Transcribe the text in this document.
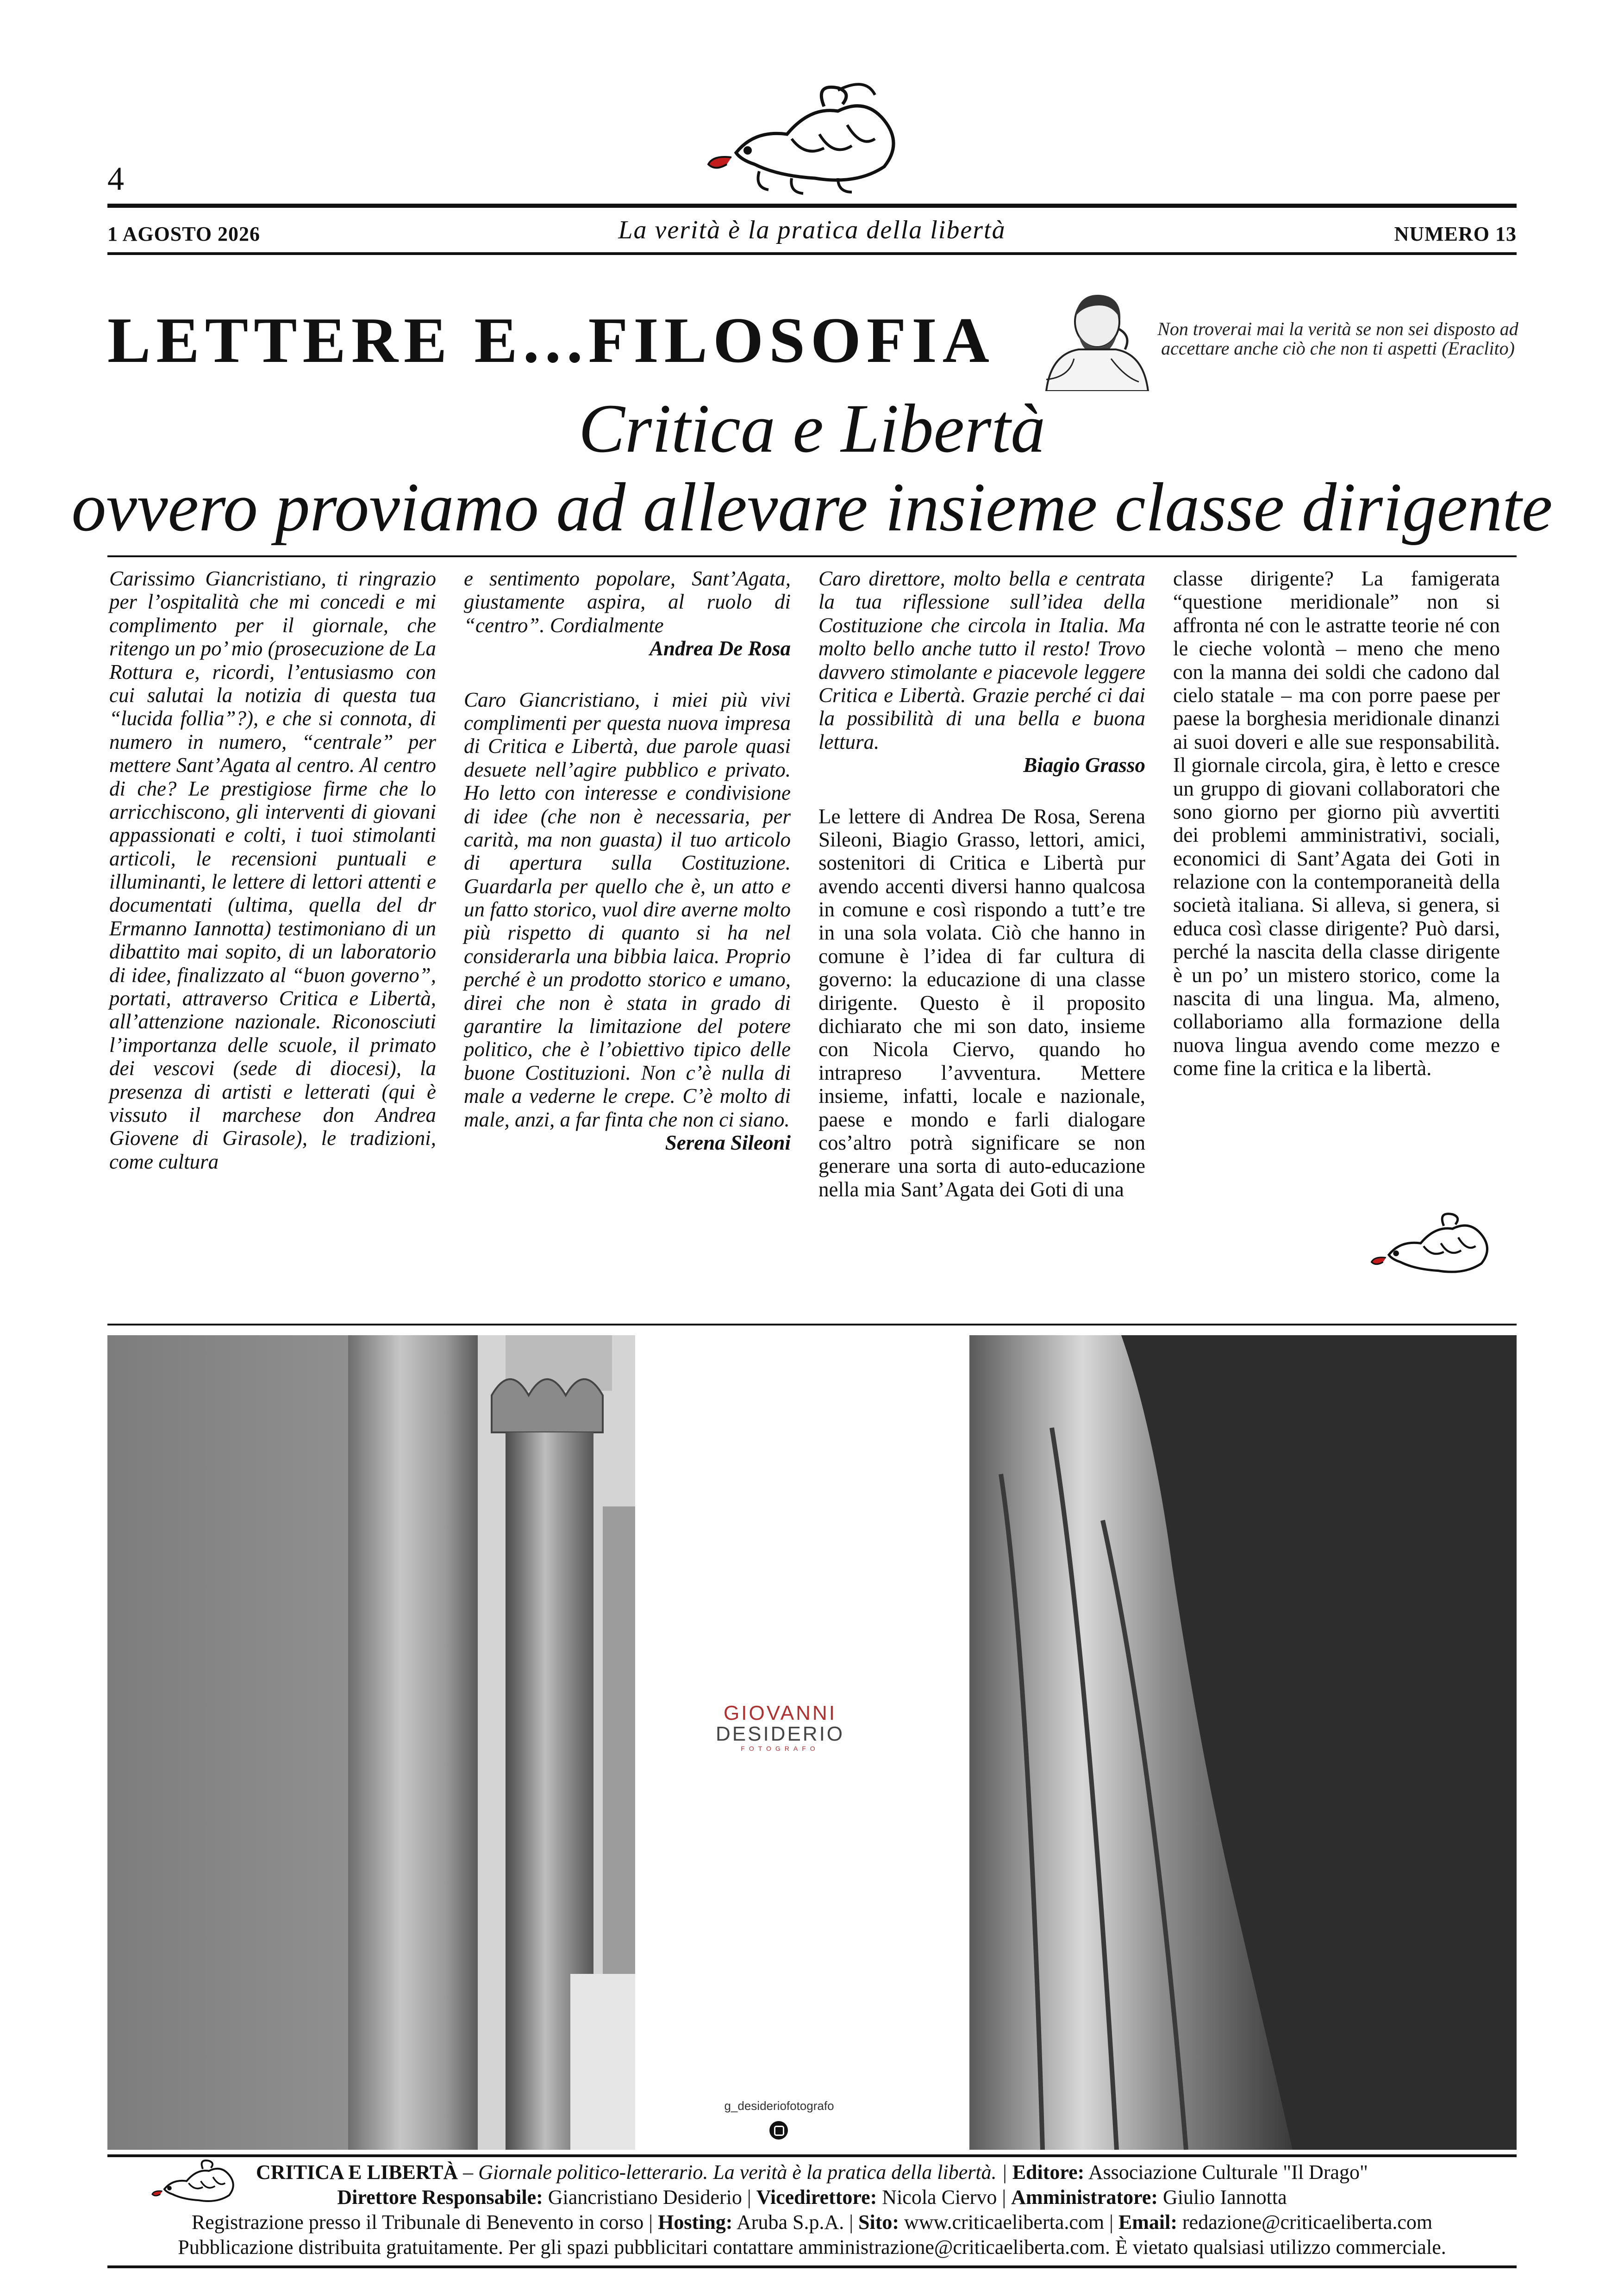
4
1 AGOSTO 2026	La verità è la pratica della libertà	NUMERO 13
LETTERE E...FILOSOFIA	Non troverai mai la verità se non sei disposto ad accettare anche ciò che non ti aspetti (Eraclito)
Critica e Libertà
ovvero proviamo ad allevare insieme classe dirigente

Carissimo Giancristiano, ti ringrazio per l’ospitalità che mi concedi e mi complimento per il giornale, che ritengo un po’ mio (prosecuzione de La Rottura e, ricordi, l’entusiasmo con cui salutai la notizia di questa tua “lucida follia”?), e che si connota, di numero in numero, “centrale” per mettere Sant’Agata al centro. Al centro di che? Le prestigiose firme che lo arricchiscono, gli interventi di giovani appassionati e colti, i tuoi stimolanti articoli, le recensioni puntuali e illuminanti, le lettere di lettori attenti e documentati (ultima, quella del dr Ermanno Iannotta) testimoniano di un dibattito mai sopito, di un laboratorio di idee, finalizzato al “buon governo”, portati, attraverso Critica e Libertà, all’attenzione nazionale. Riconosciuti l’importanza delle scuole, il primato dei vescovi (sede di diocesi), la presenza di artisti e letterati (qui è vissuto il marchese don Andrea Giovene di Girasole), le tradizioni, come cultura

e sentimento popolare, Sant’Agata, giustamente aspira, al ruolo di “centro”. Cordialmente

Andrea De Rosa

Caro Giancristiano, i miei più vivi complimenti per questa nuova impresa di Critica e Libertà, due parole quasi desuete nell’agire pubblico e privato. Ho letto con interesse e condivisione di idee (che non è necessaria, per carità, ma non guasta) il tuo articolo di apertura sulla Costituzione. Guardarla per quello che è, un atto e un fatto storico, vuol dire averne molto più rispetto di quanto si ha nel considerarla una bibbia laica. Proprio perché è un prodotto storico e umano, direi che non è stata in grado di garantire la limitazione del potere politico, che è l’obiettivo tipico delle buone Costituzioni. Non c’è nulla di male a vederne le crepe. C’è molto di male, anzi, a far finta che non ci siano.

Serena Sileoni

Caro direttore, molto bella e centrata la tua riflessione sull’idea della Costituzione che circola in Italia. Ma molto bello anche tutto il resto! Trovo davvero stimolante e piacevole leggere Critica e Libertà. Grazie perché ci dai la possibilità di una bella e buona lettura.

Biagio Grasso

Le lettere di Andrea De Rosa, Serena Sileoni, Biagio Grasso, lettori, amici, sostenitori di Critica e Libertà pur avendo accenti diversi hanno qualcosa in comune e così rispondo a tutt’e tre in una sola volata. Ciò che hanno in comune è l’idea di far cultura di governo: la educazione di una classe dirigente. Questo è il proposito dichiarato che mi son dato, insieme con Nicola Ciervo, quando ho intrapreso l’avventura. Mettere insieme, infatti, locale e nazionale, paese e mondo e farli dialogare cos’altro potrà significare se non generare una sorta di auto-educazione nella mia Sant’Agata dei Goti di una

classe dirigente? La famigerata “questione meridionale” non si affronta né con le astratte teorie né con le cieche volontà – meno che meno con la manna dei soldi che cadono dal cielo statale – ma con porre paese per paese la borghesia meridionale dinanzi ai suoi doveri e alle sue responsabilità. Il giornale circola, gira, è letto e cresce un gruppo di giovani collaboratori che sono giorno per giorno più avvertiti dei problemi amministrativi, sociali, economici di Sant’Agata dei Goti in relazione con la contemporaneità della società italiana. Si alleva, si genera, si educa così classe dirigente? Può darsi, perché la nascita della classe dirigente è un po’ un mistero storico, come la nascita di una lingua. Ma, almeno, collaboriamo alla formazione della nuova lingua avendo come mezzo e come fine la critica e la libertà.

GIOVANNI
DESIDERIO
FOTOGRAFO
g_desideriofotografo
CRITICA E LIBERTÀ – Giornale politico-letterario. La verità è la pratica della libertà. | Editore: Associazione Culturale "Il Drago"
Direttore Responsabile: Giancristiano Desiderio | Vicedirettore: Nicola Ciervo | Amministratore: Giulio Iannotta
Registrazione presso il Tribunale di Benevento in corso | Hosting: Aruba S.p.A. | Sito: www.criticaeliberta.com | Email: redazione@criticaeliberta.com
Pubblicazione distribuita gratuitamente. Per gli spazi pubblicitari contattare amministrazione@criticaeliberta.com. È vietato qualsiasi utilizzo commerciale.
